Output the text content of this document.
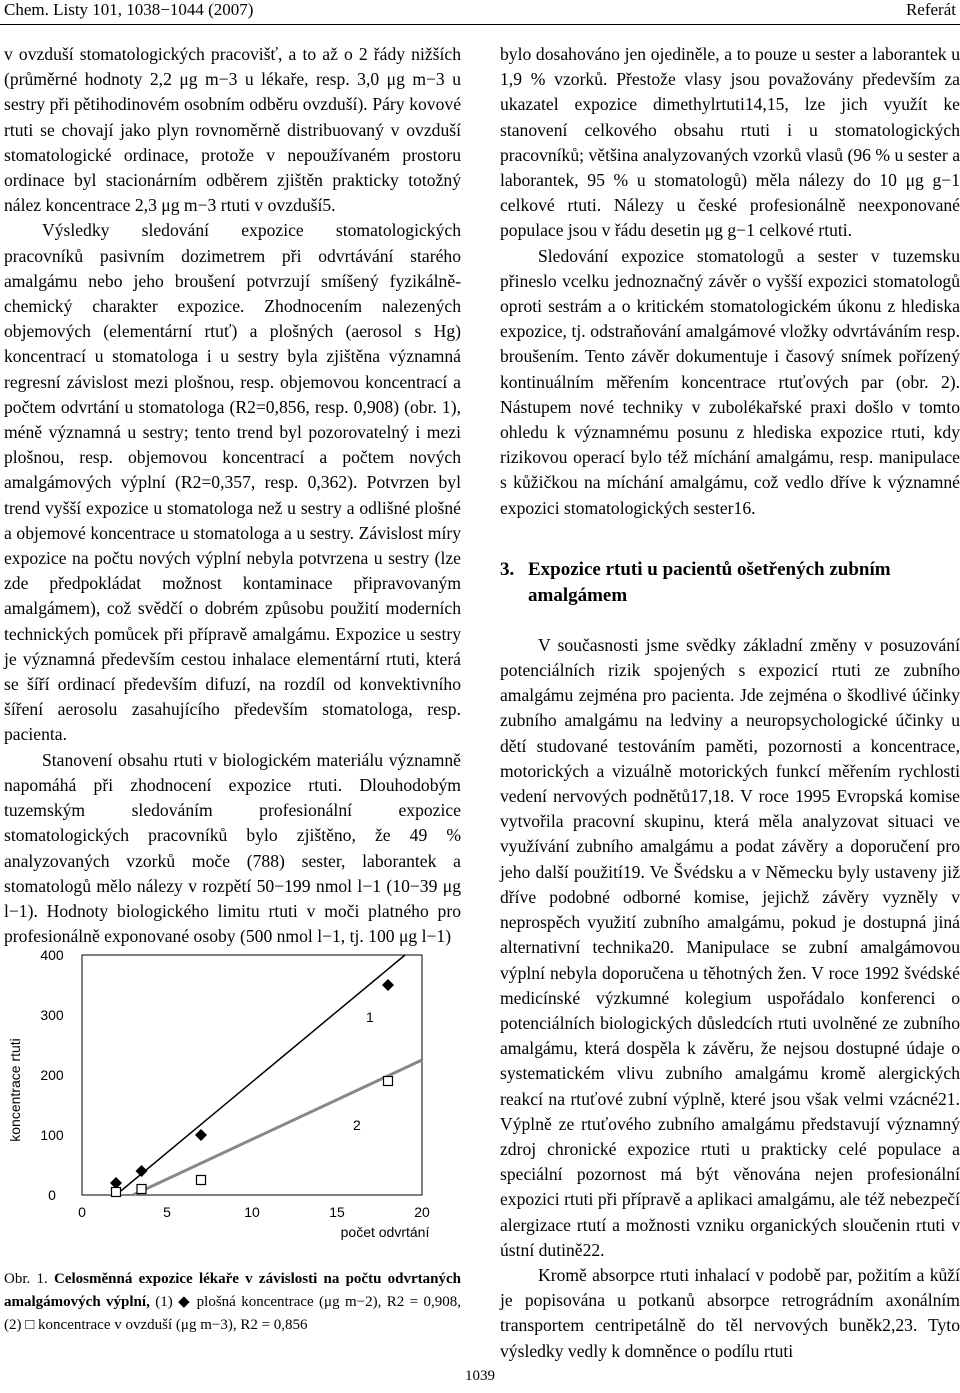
Chem. Listy 101, 1038−1044 (2007)	Referát

v ovzduší stomatologických pracovišť, a to až o 2 řády nižších (průměrné hodnoty 2,2 μg m−3 u lékaře, resp. 3,0 μg m−3 u sestry při pětihodinovém osobním odběru ovzduší). Páry kovové rtuti se chovají jako plyn rovnoměrně distribuovaný v ovzduší stomatologické ordinace, protože v nepoužívaném prostoru ordinace byl stacionárním odběrem zjištěn prakticky totožný nález koncentrace 2,3 μg m−3 rtuti v ovzduší5.

Výsledky sledování expozice stomatologických pracovníků pasivním dozimetrem při odvrtávání starého amalgámu nebo jeho broušení potvrzují smíšený fyzikálně-chemický charakter expozice. Zhodnocením nalezených objemových (elementární rtuť) a plošných (aerosol s Hg) koncentrací u stomatologa i u sestry byla zjištěna významná regresní závislost mezi plošnou, resp. objemovou koncentrací a počtem odvrtání u stomatologa (R2=0,856, resp. 0,908) (obr. 1), méně významná u sestry; tento trend byl pozorovatelný i mezi plošnou, resp. objemovou koncentrací a počtem nových amalgámových výplní (R2=0,357, resp. 0,362). Potvrzen byl trend vyšší expozice u stomatologa než u sestry a odlišné plošné a objemové koncentrace u stomatologa a u sestry. Závislost míry expozice na počtu nových výplní nebyla potvrzena u sestry (lze zde předpokládat možnost kontaminace připravovaným amalgámem), což svědčí o dobrém způsobu použití moderních technických pomůcek při přípravě amalgámu. Expozice u sestry je významná především cestou inhalace elementární rtuti, která se šíří ordinací především difuzí, na rozdíl od konvektivního šíření aerosolu zasahujícího především stomatologa, resp. pacienta.

Stanovení obsahu rtuti v biologickém materiálu významně napomáhá při zhodnocení expozice rtuti. Dlouhodobým tuzemským sledováním profesionální expozice stomatologických pracovníků bylo zjištěno, že 49 % analyzovaných vzorků moče (788) sester, laborantek a stomatologů mělo nálezy v rozpětí 50−199 nmol l−1 (10−39 μg l−1). Hodnoty biologického limitu rtuti v moči platného pro profesionálně exponované osoby (500 nmol l−1, tj. 100 μg l−1)

koncentrace rtuti
0
100
200
300
400
0	5	10	15	20
1
2
počet odvrtání
Obr. 1. Celosměnná expozice lékaře v závislosti na počtu odvrtaných amalgámových výplní, (1) ◆ plošná koncentrace (μg m−2), R2 = 0,908, (2) □ koncentrace v ovzduší (μg m−3), R2 = 0,856

bylo dosahováno jen ojediněle, a to pouze u sester a laborantek u 1,9 % vzorků. Přestože vlasy jsou považovány především za ukazatel expozice dimethylrtuti14,15, lze jich využít ke stanovení celkového obsahu rtuti i u stomatologických pracovníků; většina analyzovaných vzorků vlasů (96 % u sester a laborantek, 95 % u stomatologů) měla nálezy do 10 μg g−1 celkové rtuti. Nálezy u české profesionálně neexponované populace jsou v řádu desetin μg g−1 celkové rtuti.

Sledování expozice stomatologů a sester v tuzemsku přineslo vcelku jednoznačný závěr o vyšší expozici stomatologů oproti sestrám a o kritickém stomatologickém úkonu z hlediska expozice, tj. odstraňování amalgámové vložky odvrtáváním resp. broušením. Tento závěr dokumentuje i časový snímek pořízený kontinuálním měřením koncentrace rtuťových par (obr. 2). Nástupem nové techniky v zubolékařské praxi došlo v tomto ohledu k významnému posunu z hlediska expozice rtuti, kdy rizikovou operací bylo též míchání amalgámu, resp. manipulace s kůžičkou na míchání amalgámu, což vedlo dříve k významné expozici stomatologických sester16.

3. Expozice rtuti u pacientů ošetřených zubním amalgámem

V současnosti jsme svědky základní změny v posuzování potenciálních rizik spojených s expozicí rtuti ze zubního amalgámu zejména pro pacienta. Jde zejména o škodlivé účinky zubního amalgámu na ledviny a neuropsychologické účinky u dětí studované testováním paměti, pozornosti a koncentrace, motorických a vizuálně motorických funkcí měřením rychlosti vedení nervových podnětů17,18. V roce 1995 Evropská komise vytvořila pracovní skupinu, která měla analyzovat situaci ve využívání zubního amalgámu a podat závěry a doporučení pro jeho další použití19. Ve Švédsku a v Německu byly ustaveny již dříve podobné odborné komise, jejichž závěry vyzněly v neprospěch využití zubního amalgámu, pokud je dostupná jiná alternativní technika20. Manipulace se zubní amalgámovou výplní nebyla doporučena u těhotných žen. V roce 1992 švédské medicínské výzkumné kolegium uspořádalo konferenci o potenciálních biologických důsledcích rtuti uvolněné ze zubního amalgámu, která dospěla k závěru, že nejsou dostupné údaje o systematickém vlivu zubního amalgámu kromě alergických reakcí na rtuťové zubní výplně, které jsou však velmi vzácné21. Výplně ze rtuťového zubního amalgámu představují významný zdroj chronické expozice rtuti u prakticky celé populace a speciální pozornost má být věnována nejen profesionální expozici rtuti při přípravě a aplikaci amalgámu, ale též nebezpečí alergizace rtutí a možnosti vzniku organických sloučenin rtuti v ústní dutině22.

Kromě absorpce rtuti inhalací v podobě par, požitím a kůží je popisována u potkanů absorpce retrográdním axonálním transportem centripetálně do těl nervových buněk2,23. Tyto výsledky vedly k domněnce o podílu rtuti

1039
